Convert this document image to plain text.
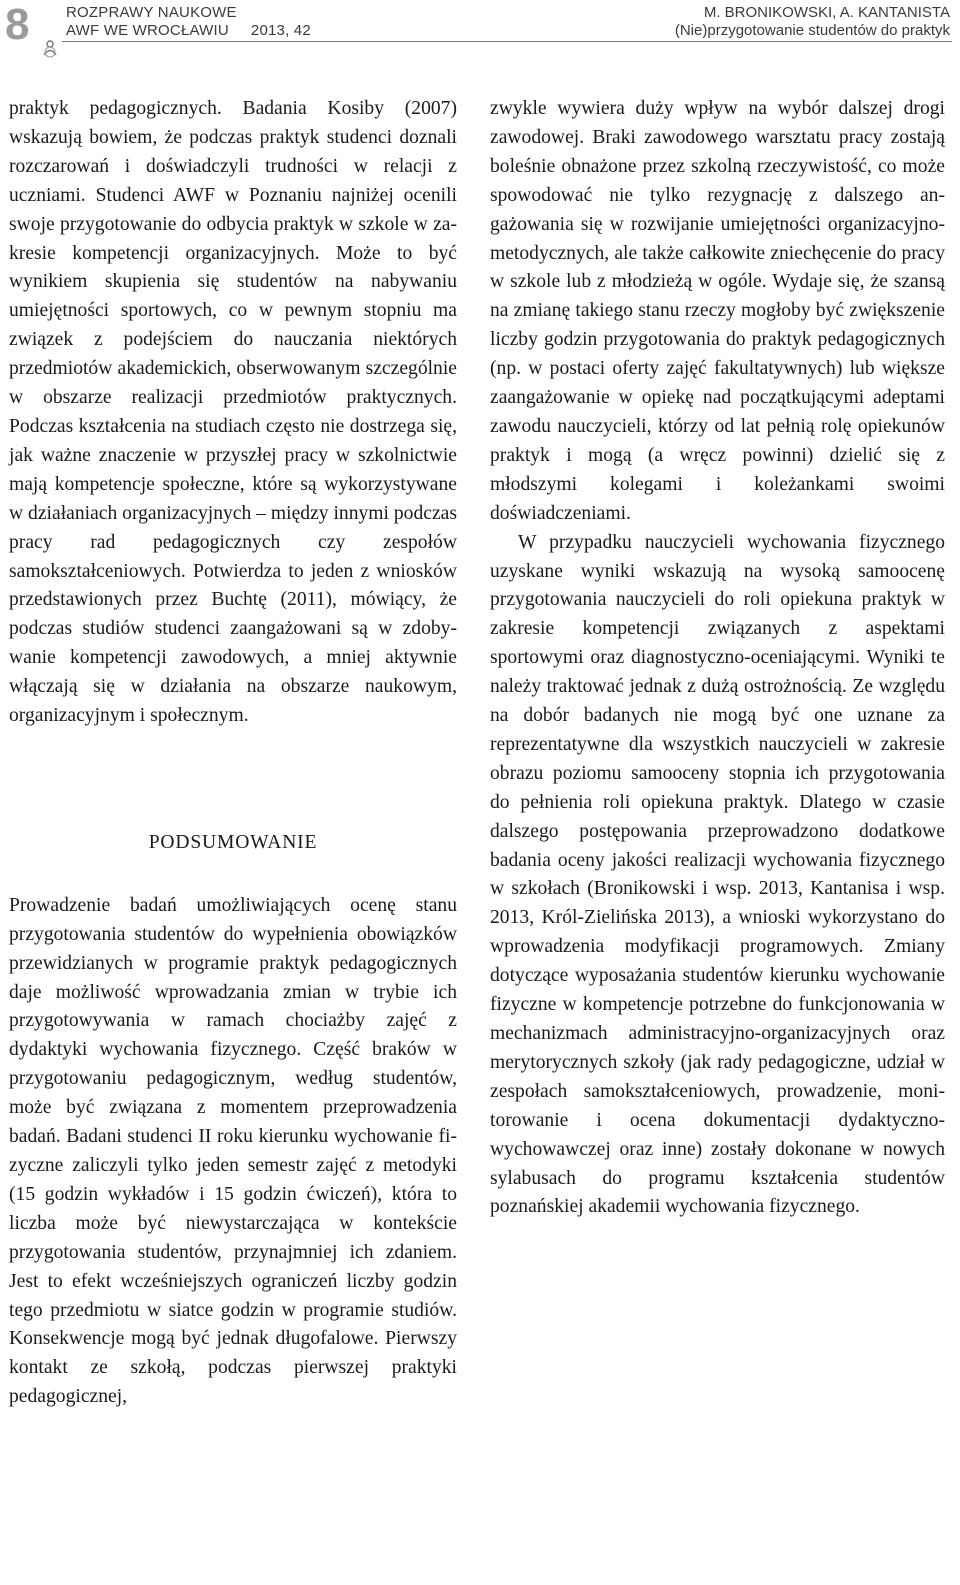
8 ROZPRAWY NAUKOWE
AWF WE WROCŁAWIU 2013, 42
M. BRONIKOWSKI, A. KANTANISTA
(Nie)przygotowanie studentów do praktyk

praktyk pedagogicznych. Badania Kosiby (2007) wskazują bowiem, że podczas praktyk studenci doznali rozczarowań i doświadczyli trudności w relacji z uczniami. Studenci AWF w Poznaniu najniżej ocenili swoje przygotowanie do odbycia praktyk w szkole w zakresie kompetencji organizacyjnych. Może to być wynikiem skupienia się studentów na nabywaniu umiejętności sportowych, co w pewnym stopniu ma związek z podejściem do nauczania niektórych przedmiotów akademickich, obserwowanym szczególnie w obszarze realizacji przedmiotów praktycznych. Podczas kształcenia na studiach często nie dostrzega się, jak ważne znaczenie w przyszłej pracy w szkolnictwie mają kompetencje społeczne, które są wykorzystywane w działaniach organizacyjnych – między innymi podczas pracy rad pedagogicznych czy zespołów samokształceniowych. Potwierdza to jeden z wniosków przedstawionych przez Buchtę (2011), mówiący, że podczas studiów studenci zaangażowani są w zdobywanie kompetencji zawodowych, a mniej aktywnie włączają się w działania na obszarze naukowym, organizacyjnym i społecznym.

PODSUMOWANIE

Prowadzenie badań umożliwiających ocenę stanu przygotowania studentów do wypełnienia obowiązków przewidzianych w programie praktyk pedagogicznych daje możliwość wprowadzania zmian w trybie ich przygotowywania w ramach chociażby zajęć z dydaktyki wychowania fizycznego. Część braków w przygotowaniu pedagogicznym, według studentów, może być związana z momentem przeprowadzenia badań. Badani studenci II roku kierunku wychowanie fizyczne zaliczyli tylko jeden semestr zajęć z metodyki (15 godzin wykładów i 15 godzin ćwiczeń), która to liczba może być niewystarczająca w kontekście przygotowania studentów, przynajmniej ich zdaniem. Jest to efekt wcześniejszych ograniczeń liczby godzin tego przedmiotu w siatce godzin w programie studiów. Konsekwencje mogą być jednak długofalowe. Pierwszy kontakt ze szkołą, podczas pierwszej praktyki pedagogicznej,

zwykle wywiera duży wpływ na wybór dalszej drogi zawodowej. Braki zawodowego warsztatu pracy zostają boleśnie obnażone przez szkolną rzeczywistość, co może spowodować nie tylko rezygnację z dalszego angażowania się w rozwijanie umiejętności organizacyjno-metodycznych, ale także całkowite zniechęcenie do pracy w szkole lub z młodzieżą w ogóle. Wydaje się, że szansą na zmianę takiego stanu rzeczy mogłoby być zwiększenie liczby godzin przygotowania do praktyk pedagogicznych (np. w postaci oferty zajęć fakultatywnych) lub większe zaangażowanie w opiekę nad początkującymi adeptami zawodu nauczycieli, którzy od lat pełnią rolę opiekunów praktyk i mogą (a wręcz powinni) dzielić się z młodszymi kolegami i koleżankami swoimi doświadczeniami.

W przypadku nauczycieli wychowania fizycznego uzyskane wyniki wskazują na wysoką samoocenę przygotowania nauczycieli do roli opiekuna praktyk w zakresie kompetencji związanych z aspektami sportowymi oraz diagnostyczno-oceniającymi. Wyniki te należy traktować jednak z dużą ostrożnością. Ze względu na dobór badanych nie mogą być one uznane za reprezentatywne dla wszystkich nauczycieli w zakresie obrazu poziomu samooceny stopnia ich przygotowania do pełnienia roli opiekuna praktyk. Dlatego w czasie dalszego postępowania przeprowadzono dodatkowe badania oceny jakości realizacji wychowania fizycznego w szkołach (Bronikowski i wsp. 2013, Kantanisa i wsp. 2013, Król-Zielińska 2013), a wnioski wykorzystano do wprowadzenia modyfikacji programowych. Zmiany dotyczące wyposażania studentów kierunku wychowanie fizyczne w kompetencje potrzebne do funkcjonowania w mechanizmach administracyjno-organizacyjnych oraz merytorycznych szkoły (jak rady pedagogiczne, udział w zespołach samokształceniowych, prowadzenie, monitorowanie i ocena dokumentacji dydaktyczno-wychowawczej oraz inne) zostały dokonane w nowych sylabusach do programu kształcenia studentów poznańskiej akademii wychowania fizycznego.
